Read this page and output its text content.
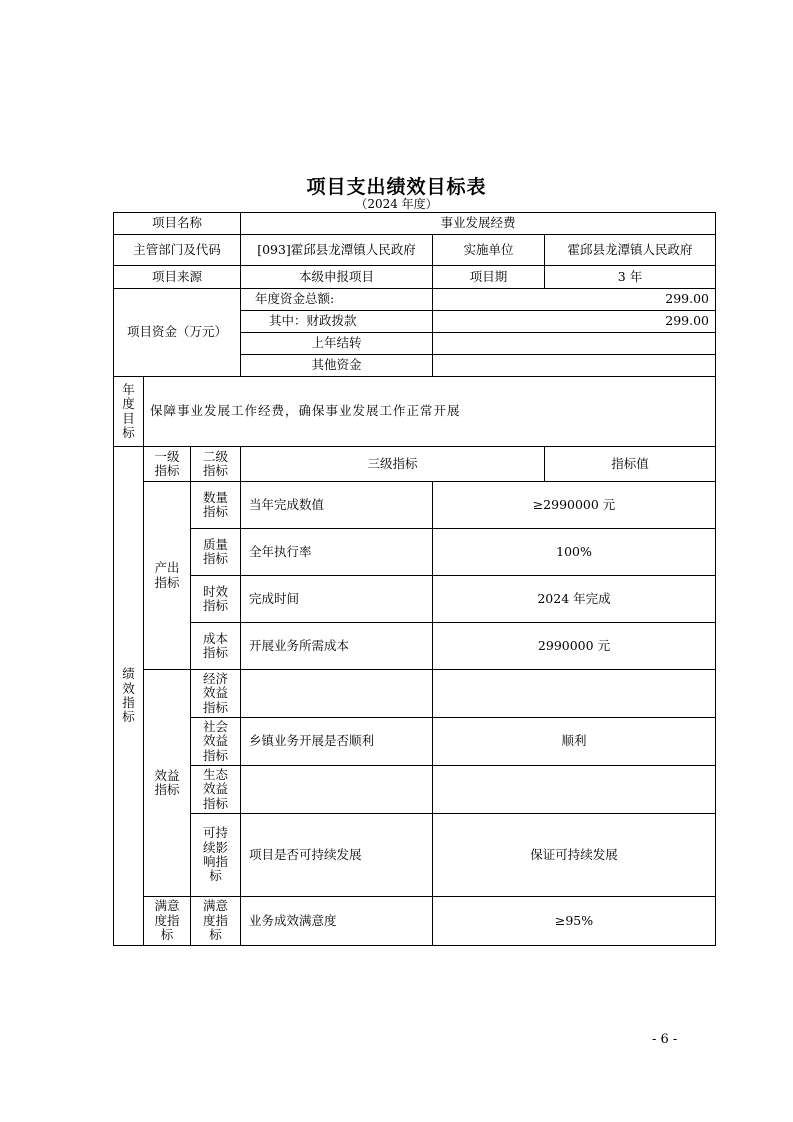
项目支出绩效目标表
（2024 年度）
项目名称			事业发展经费		
主管部门及代码			[093]霍邱县龙潭镇人民政府	实施单位	霍邱县龙潭镇人民政府
项目来源			本级申报项目	项目期	3 年
项目资金（万元）			年度资金总额:	299.00	
			其中：财政拨款	299.00	
			上年结转		
			其他资金		
年度目标	保障事业发展工作经费，确保事业发展工作正常开展				
绩效指标	一级指标	二级指标	三级指标		指标值
	产出指标	数量指标	当年完成数值	≥2990000 元	
		质量指标	全年执行率	100%	
		时效指标	完成时间	2024 年完成	
		成本指标	开展业务所需成本	2990000 元	
	效益指标	经济效益指标			
		社会效益指标	乡镇业务开展是否顺利	顺利	
		生态效益指标			
		可持续影响指标	项目是否可持续发展	保证可持续发展	
	满意度指标	满意度指标	业务成效满意度	≥95%	
- 6 -
